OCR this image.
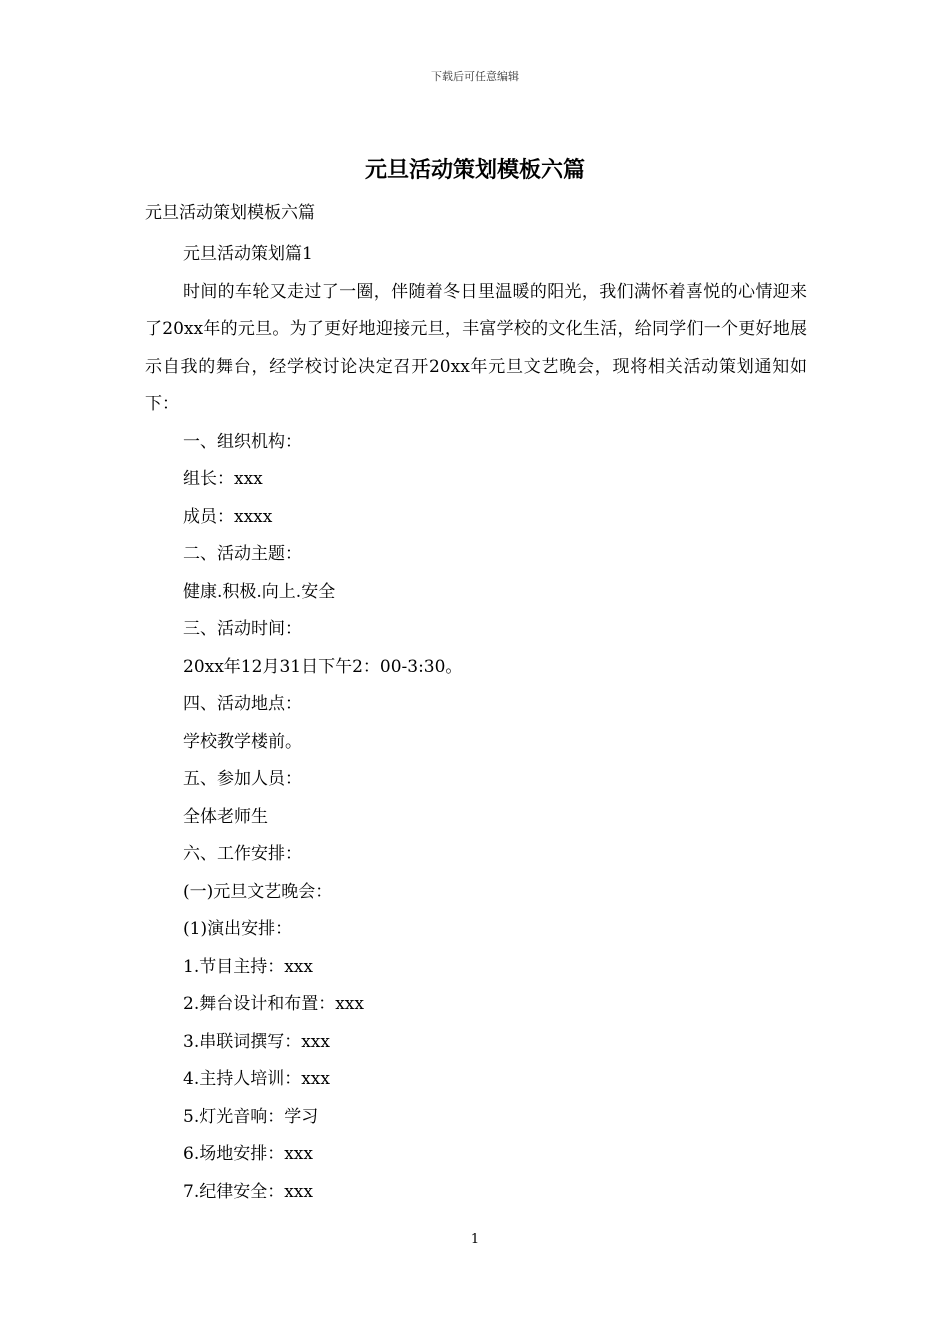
下载后可任意编辑
元旦活动策划模板六篇

元旦活动策划模板六篇

元旦活动策划篇1

时间的车轮又走过了一圈，伴随着冬日里温暖的阳光，我们满怀着喜悦的心情迎来了20xx年的元旦。为了更好地迎接元旦，丰富学校的文化生活，给同学们一个更好地展示自我的舞台，经学校讨论决定召开20xx年元旦文艺晚会，现将相关活动策划通知如下：

一、组织机构：

组长：xxx

成员：xxxx

二、活动主题：

健康.积极.向上.安全

三、活动时间：

20xx年12月31日下午2：00-3:30。

四、活动地点：

学校教学楼前。

五、参加人员：

全体老师生

六、工作安排：

(一)元旦文艺晚会：

(1)演出安排：

1.节目主持：xxx

2.舞台设计和布置：xxx

3.串联词撰写：xxx

4.主持人培训：xxx

5.灯光音响：学习

6.场地安排：xxx

7.纪律安全：xxx

1
